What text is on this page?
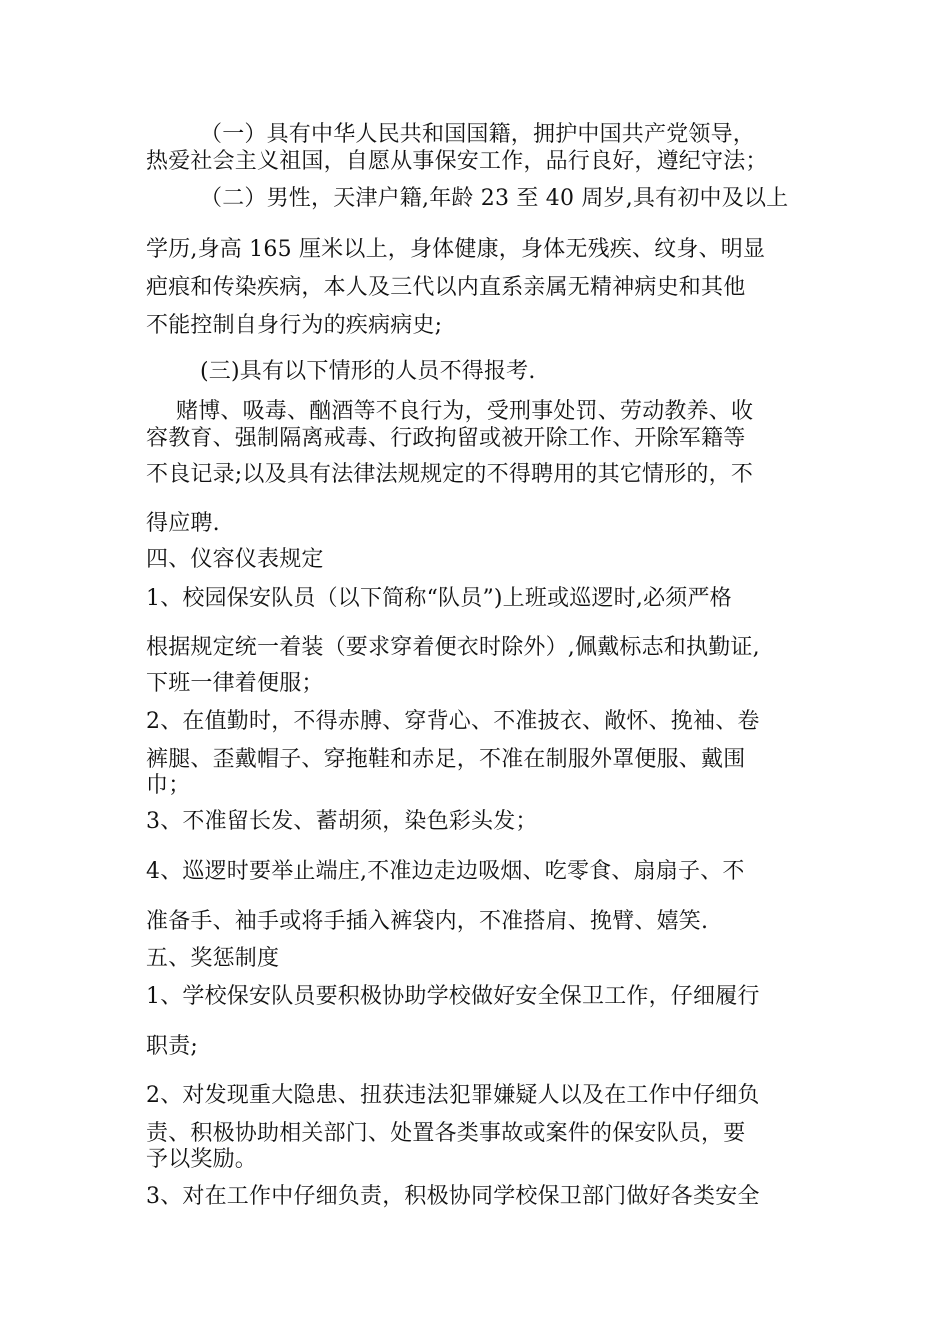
（一）具有中华人民共和国国籍，拥护中国共产党领导，
热爱社会主义祖国，自愿从事保安工作，品行良好，遵纪守法；
（二）男性，天津户籍,年龄 23 至 40 周岁,具有初中及以上
学历,身高 165 厘米以上，身体健康，身体无残疾、纹身、明显
疤痕和传染疾病，本人及三代以内直系亲属无精神病史和其他
不能控制自身行为的疾病病史;
(三)具有以下情形的人员不得报考.
赌博、吸毒、酗酒等不良行为，受刑事处罚、劳动教养、收
容教育、强制隔离戒毒、行政拘留或被开除工作、开除军籍等
不良记录;以及具有法律法规规定的不得聘用的其它情形的，不
得应聘.
四、仪容仪表规定
1、校园保安队员（以下简称“队员”)上班或巡逻时,必须严格
根据规定统一着装（要求穿着便衣时除外）,佩戴标志和执勤证,
下班一律着便服；
2、在值勤时，不得赤膊、穿背心、不准披衣、敞怀、挽袖、卷
裤腿、歪戴帽子、穿拖鞋和赤足，不准在制服外罩便服、戴围
巾；
3、不准留长发、蓄胡须，染色彩头发；
4、巡逻时要举止端庄,不准边走边吸烟、吃零食、扇扇子、不
准备手、袖手或将手插入裤袋内，不准搭肩、挽臂、嬉笑.
五、奖惩制度
1、学校保安队员要积极协助学校做好安全保卫工作，仔细履行
职责;
2、对发现重大隐患、扭获违法犯罪嫌疑人以及在工作中仔细负
责、积极协助相关部门、处置各类事故或案件的保安队员，要
予以奖励。
3、对在工作中仔细负责，积极协同学校保卫部门做好各类安全
